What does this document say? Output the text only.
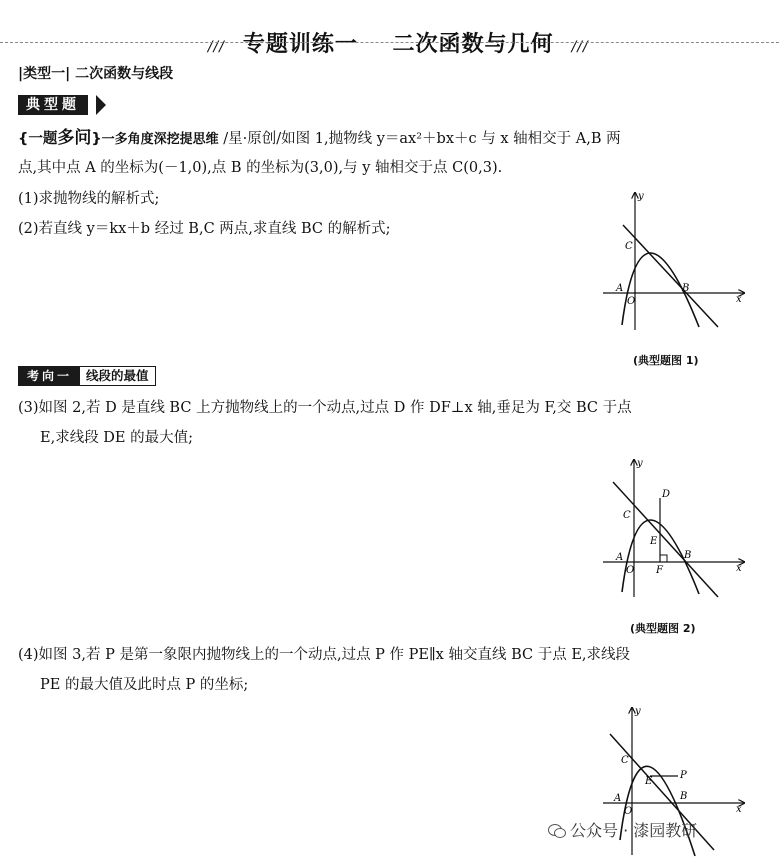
/// 专题训练一    二次函数与几何 ///

|类型一| 二次函数与线段
典型题
{一题多问}一多角度深挖提思维 /星·原创/如图 1,抛物线 y＝ax²＋bx＋c 与 x 轴相交于 A,B 两
点,其中点 A 的坐标为(－1,0),点 B 的坐标为(3,0),与 y 轴相交于点 C(0,3).
(1)求抛物线的解析式;
(2)若直线 y＝kx＋b 经过 B,C 两点,求直线 BC 的解析式;
y
x
A
O
B
C
(典型题图 1)
考向一	线段的最值
(3)如图 2,若 D 是直线 BC 上方抛物线上的一个动点,过点 D 作 DF⊥x 轴,垂足为 F,交 BC 于点
E,求线段 DE 的最大值;
y
x
A
O
B
C
D
E
F
(典型题图 2)
(4)如图 3,若 P 是第一象限内抛物线上的一个动点,过点 P 作 PE∥x 轴交直线 BC 于点 E,求线段
PE 的最大值及此时点 P 的坐标;
y
x
A
O
B
C
E
P
公众号 · 漆园教研
